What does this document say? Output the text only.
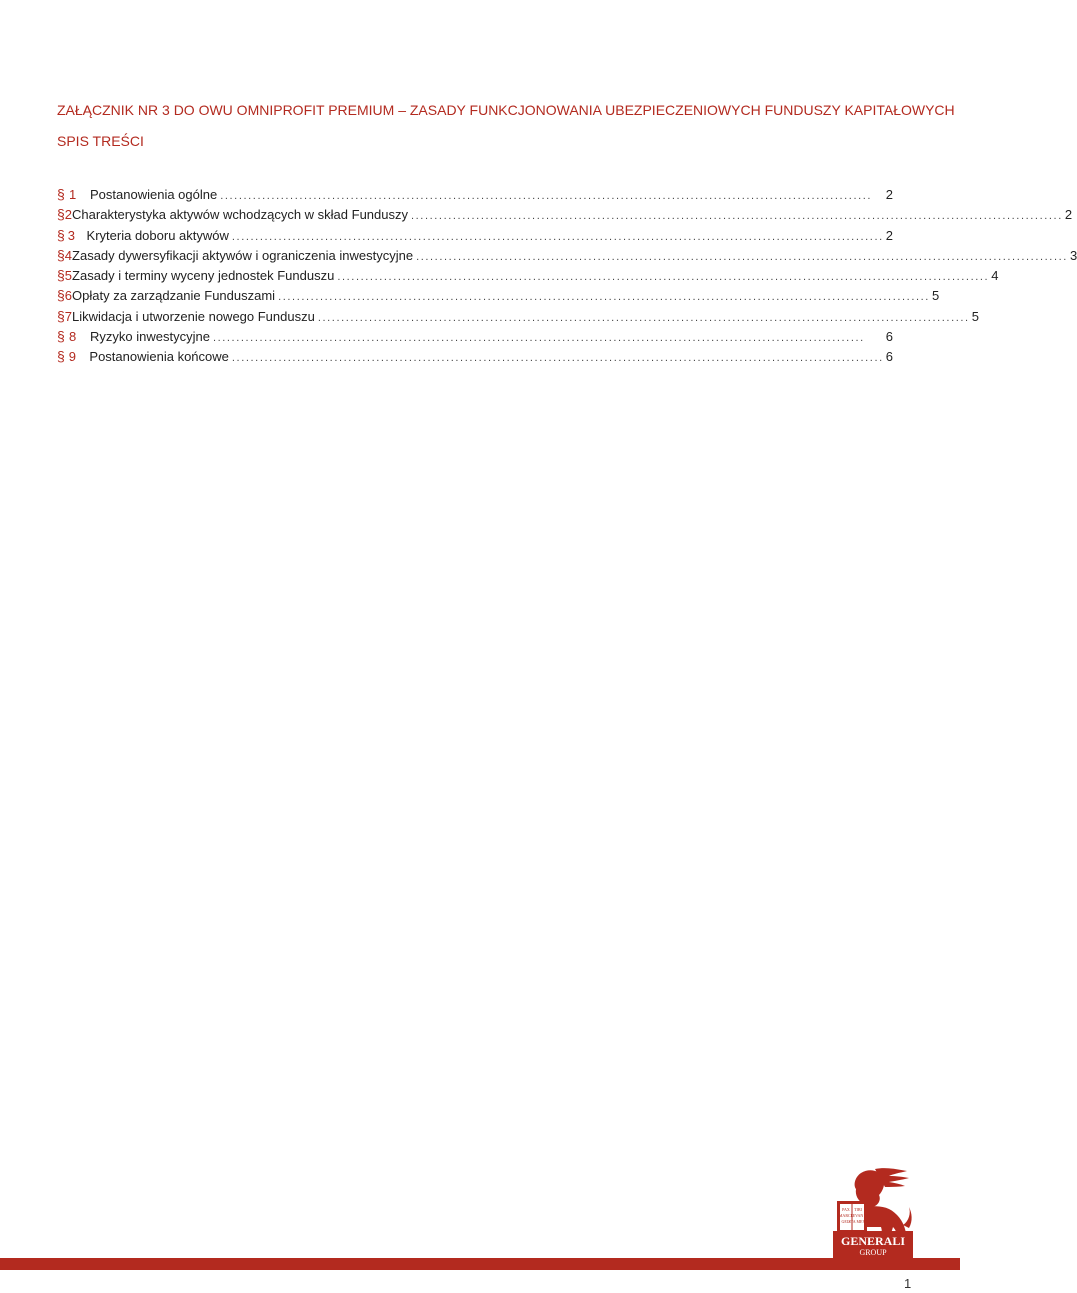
ZAŁĄCZNIK NR 3 DO OWU OMNIPROFIT PREMIUM – ZASADY FUNKCJONOWANIA UBEZPIECZENIOWYCH FUNDUSZY KAPITAŁOWYCH
SPIS TREŚCI
§ 1	Postanowienia ogólne ............................................................................................................................................	2
§ 2 Charakterystyka aktywów wchodzących w skład Funduszy ............................................................................................................................................ 2
§ 3 Kryteria doboru aktywów ............................................................................................................................................ 2
§ 4 Zasady dywersyfikacji aktywów i ograniczenia inwestycyjne ............................................................................................................................................ 3
§ 5 Zasady i terminy wyceny jednostek Funduszu ............................................................................................................................................ 4
§ 6 Opłaty za zarządzanie Funduszami ............................................................................................................................................ 5
§ 7 Likwidacja i utworzenie nowego Funduszu ............................................................................................................................................ 5
§ 8	Ryzyko inwestycyjne ............................................................................................................................................	6
§ 9	Postanowienia końcowe ............................................................................................................................................ 6
PAX TIBI
MARCE EVAN
GELI
STA MEVS
GENERALI
GROUP
1
